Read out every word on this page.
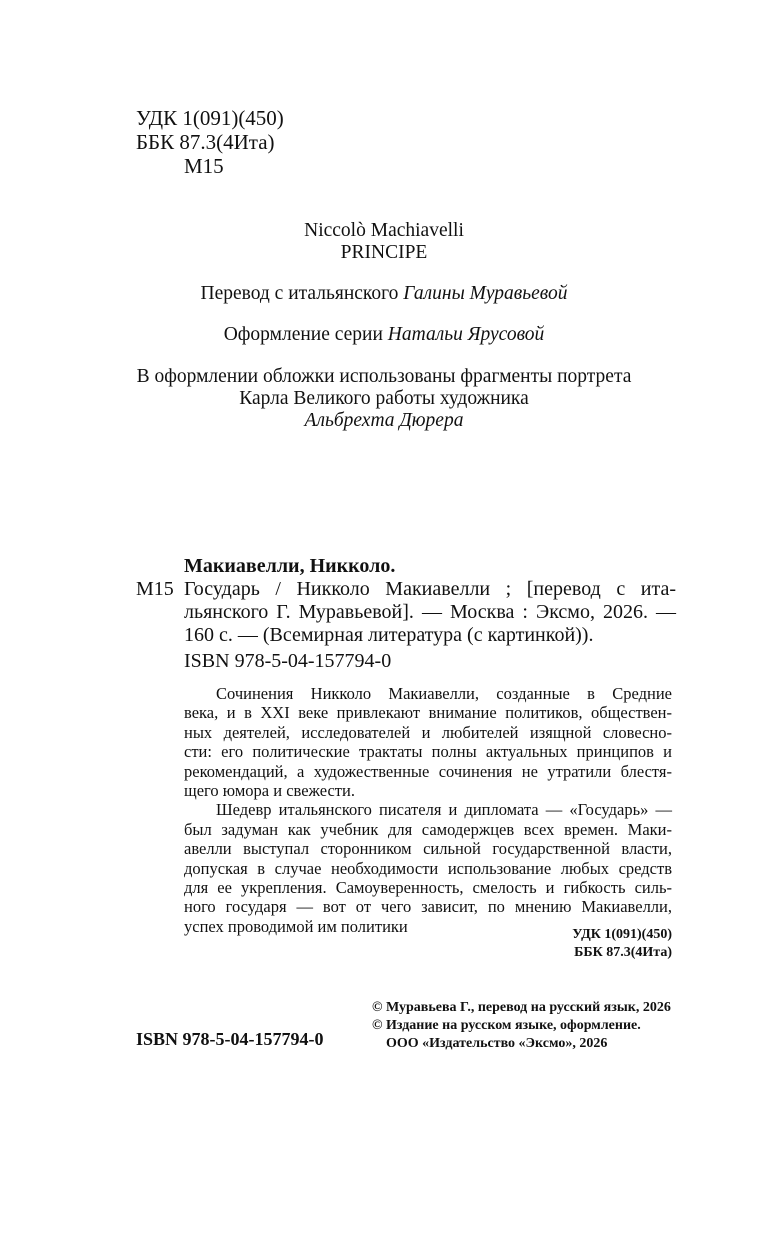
УДК 1(091)(450)
ББК 87.3(4Ита)
М15
Niccolò Machiavelli
PRINCIPE
Перевод с итальянского Галины Муравьевой
Оформление серии Натальи Ярусовой
В оформлении обложки использованы фрагменты портрета
Карла Великого работы художника
Альбрехта Дюрера
Макиавелли, Никколо.
М15 Государь / Никколо Макиавелли ; [перевод с ита-
льянского Г. Муравьевой]. — Москва : Эксмо, 2026. —
160 с. — (Всемирная литература (с картинкой)).
ISBN 978-5-04-157794-0
Сочинения Никколо Макиавелли, созданные в Средние
века, и в XXI веке привлекают внимание политиков, обществен-
ных деятелей, исследователей и любителей изящной словесно-
сти: его политические трактаты полны актуальных принципов и
рекомендаций, а художественные сочинения не утратили блестя-
щего юмора и свежести.
Шедевр итальянского писателя и дипломата — «Государь» —
был задуман как учебник для самодержцев всех времен. Маки-
авелли выступал сторонником сильной государственной власти,
допуская в случае необходимости использование любых средств
для ее укрепления. Самоуверенность, смелость и гибкость силь-
ного государя — вот от чего зависит, по мнению Макиавелли,
успех проводимой им политики	УДК 1(091)(450)
ББК 87.3(4Ита)
© Муравьева Г., перевод на русский язык, 2026
© Издание на русском языке, оформление.
ООО «Издательство «Эксмо», 2026
ISBN 978-5-04-157794-0
